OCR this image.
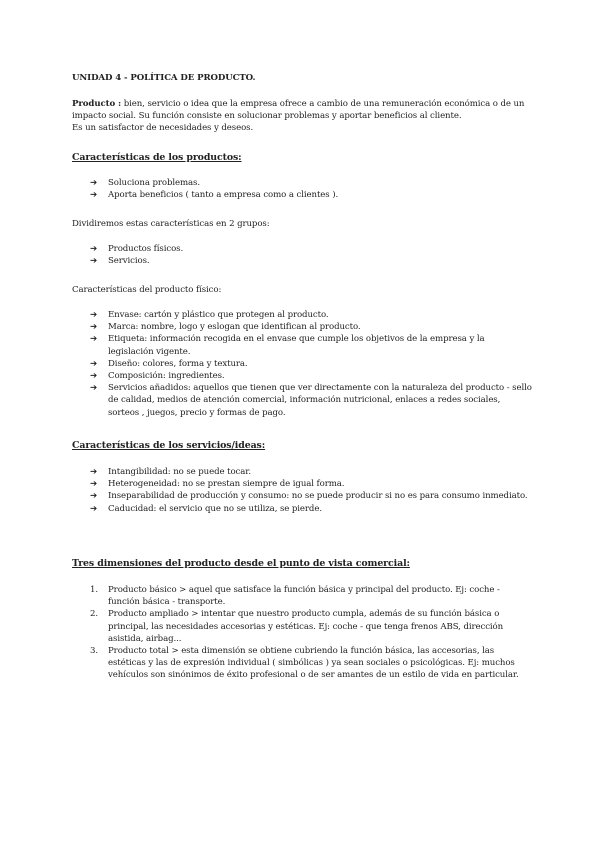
UNIDAD 4 - POLÍTICA DE PRODUCTO.
Producto : bien, servicio o idea que la empresa ofrece a cambio de una remuneración económica o de un impacto social. Su función consiste en solucionar problemas y aportar beneficios al cliente.
Es un satisfactor de necesidades y deseos.
Características de los productos:
➔ Soluciona problemas.
➔ Aporta beneficios ( tanto a empresa como a clientes ).
Dividiremos estas características en 2 grupos:
➔ Productos físicos.
➔ Servicios.
Características del producto físico:
➔ Envase: cartón y plástico que protegen al producto.
➔ Marca: nombre, logo y eslogan que identifican al producto.
➔ Etiqueta: información recogida en el envase que cumple los objetivos de la empresa y la legislación vigente.
➔ Diseño: colores, forma y textura.
➔ Composición: ingredientes.
➔ Servicios añadidos: aquellos que tienen que ver directamente con la naturaleza del producto - sello de calidad, medios de atención comercial, información nutricional, enlaces a redes sociales, sorteos , juegos, precio y formas de pago.
Características de los servicios/ideas:
➔ Intangibilidad: no se puede tocar.
➔ Heterogeneidad: no se prestan siempre de igual forma.
➔ Inseparabilidad de producción y consumo: no se puede producir si no es para consumo inmediato.
➔ Caducidad: el servicio que no se utiliza, se pierde.
Tres dimensiones del producto desde el punto de vista comercial:
1. Producto básico > aquel que satisface la función básica y principal del producto. Ej: coche - función básica - transporte.
2. Producto ampliado > intentar que nuestro producto cumpla, además de su función básica o principal, las necesidades accesorias y estéticas. Ej: coche - que tenga frenos ABS, dirección asistida, airbag...
3. Producto total > esta dimensión se obtiene cubriendo la función básica, las accesorias, las estéticas y las de expresión individual ( simbólicas ) ya sean sociales o psicológicas. Ej: muchos vehículos son sinónimos de éxito profesional o de ser amantes de un estilo de vida en particular.
